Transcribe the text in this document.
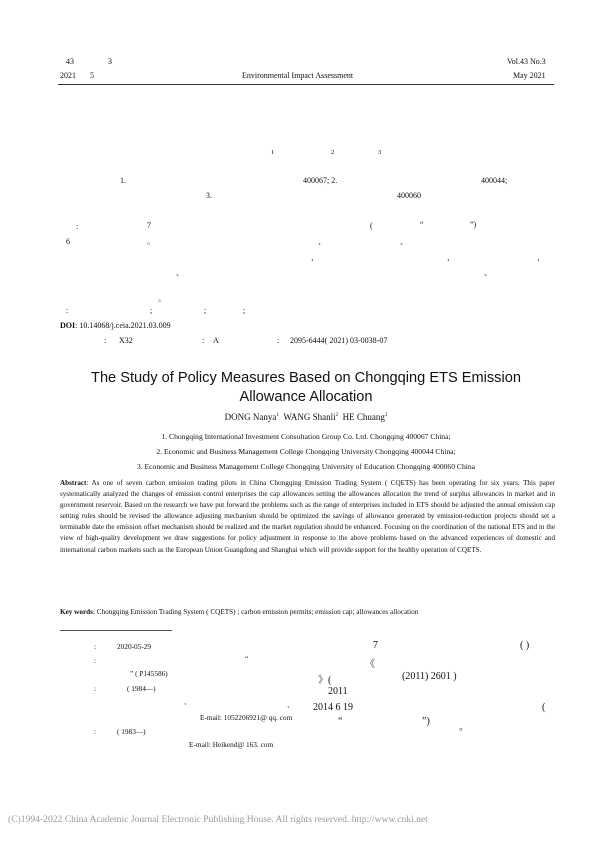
43	3
2021 5	Environmental Impact Assessment
Vol.43 No.3
May 2021
1	2	3
1.	400067; 2.	400044;
3.	400060
:	7	(	“	”)
6	。	、	、
，	，	，
、	、
。
:	;	;	;
DOI: 10.14068/j.ceia.2021.03.009
: X32	: A	: 2095-6444( 2021) 03-0038-07
The Study of Policy Measures Based on Chongqing ETS Emission
Allowance Allocation
DONG Nanya$^1$ WANG Shanli$^2$ HE Chuang$^3$
1. Chongqing International Investment Consultation Group Co. Ltd. Chongqing 400067 China;
2. Economic and Business Management College Chongqing University Chongqing 400044 China;
3. Economic and Business Management College Chongqing University of Education Chongqing 400060 China
Abstract: As one of seven carbon emission trading pilots in China Chongqing Emission Trading System ( CQETS) has been operating for six years. This paper systematically analyzed the changes of emission control enterprises the cap allowances setting the allowances allocation the trend of surplus allowances in market and in government reservoir. Based on the research we have put forward the problems such as the range of enterprises included in ETS should be adjusted the annual emission cap setting rules should be revised the allowance adjusting mechanism should be optimized the savings of allowance generated by emission-reduction projects should set a terminable date the emission offset mechanism should be realized and the market regulation should be enhanced. Focusing on the coordination of the national ETS and in the view of high-quality development we draw suggestions for policy adjustment in response to the above problems based on the advanced experiences of domestic and international carbon markets such as the European Union Guangdong and Shanghai which will provide support for the healthy operation of CQETS.
Key words: Chongqing Emission Trading System ( CQETS) ; carbon emission permits; emission cap; allowances allocation
:	2020-05-29
:	“
” ( P145586)
:	( 1984—)
、	、
E-mail: 1052206921@ qq. com
:	( 1983—)
E-mail: Heikend@ 163. com
7	( )
《
》(	(2011) 2601 )
2011
2014 6 19	(
“	”)
。
(C)1994-2022 China Academic Journal Electronic Publishing House. All rights reserved. http://www.cnki.net
